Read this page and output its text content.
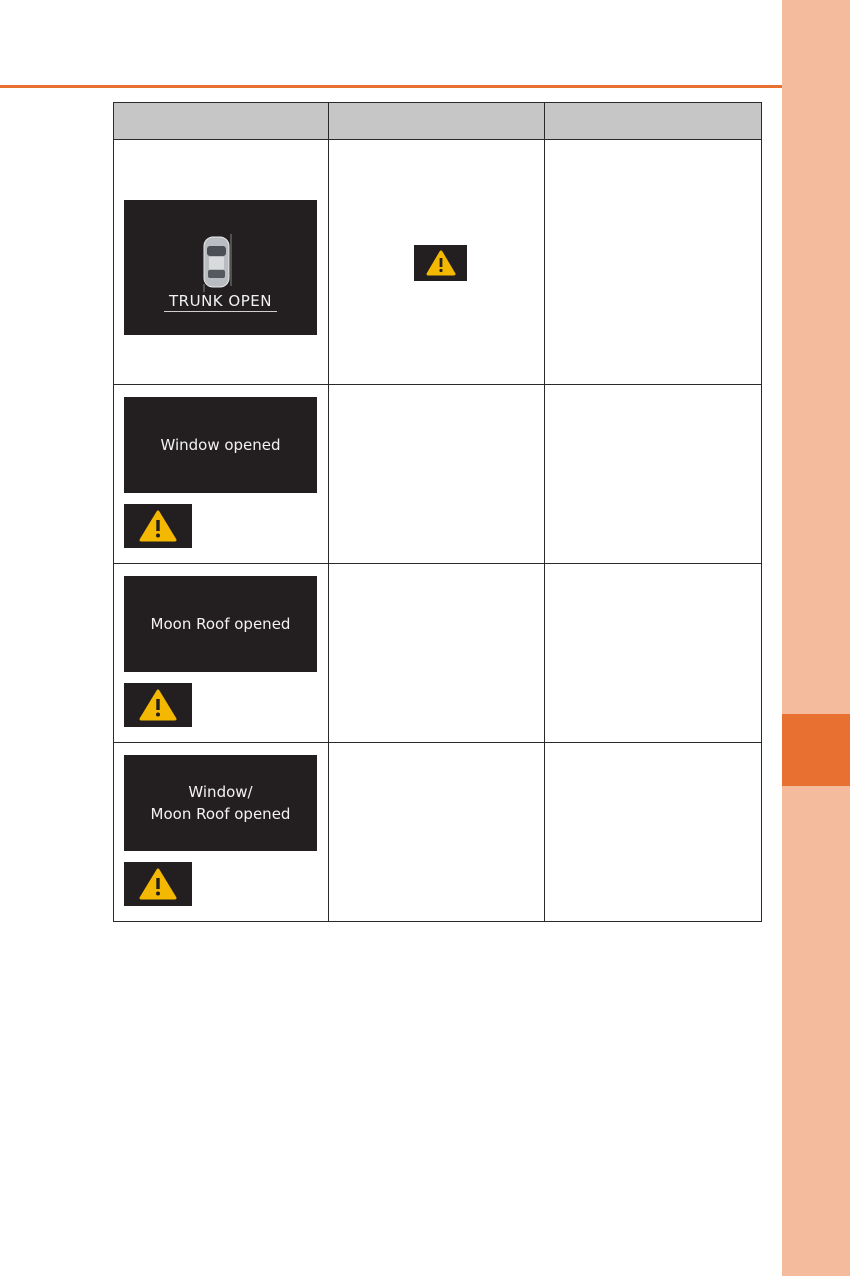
TRUNK OPEN

Window opened		

Moon Roof opened		

Window/
Moon Roof opened		
